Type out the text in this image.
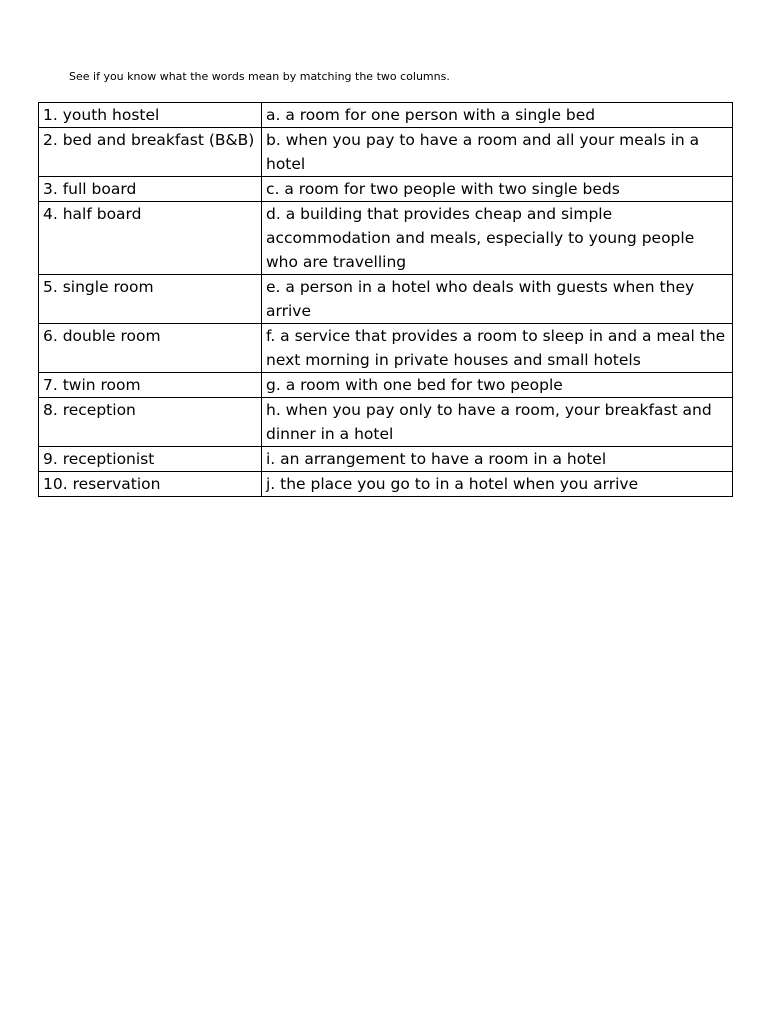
See if you know what the words mean by matching the two columns.
1. youth hostel	a. a room for one person with a single bed
2. bed and breakfast (B&B)	b. when you pay to have a room and all your meals in a hotel
3. full board	c. a room for two people with two single beds
4. half board	d. a building that provides cheap and simple accommodation and meals, especially to young people who are travelling
5. single room	e. a person in a hotel who deals with guests when they arrive
6. double room	f. a service that provides a room to sleep in and a meal the next morning in private houses and small hotels
7. twin room	g. a room with one bed for two people
8. reception	h. when you pay only to have a room, your breakfast and dinner in a hotel
9. receptionist	i. an arrangement to have a room in a hotel
10. reservation	j. the place you go to in a hotel when you arrive
